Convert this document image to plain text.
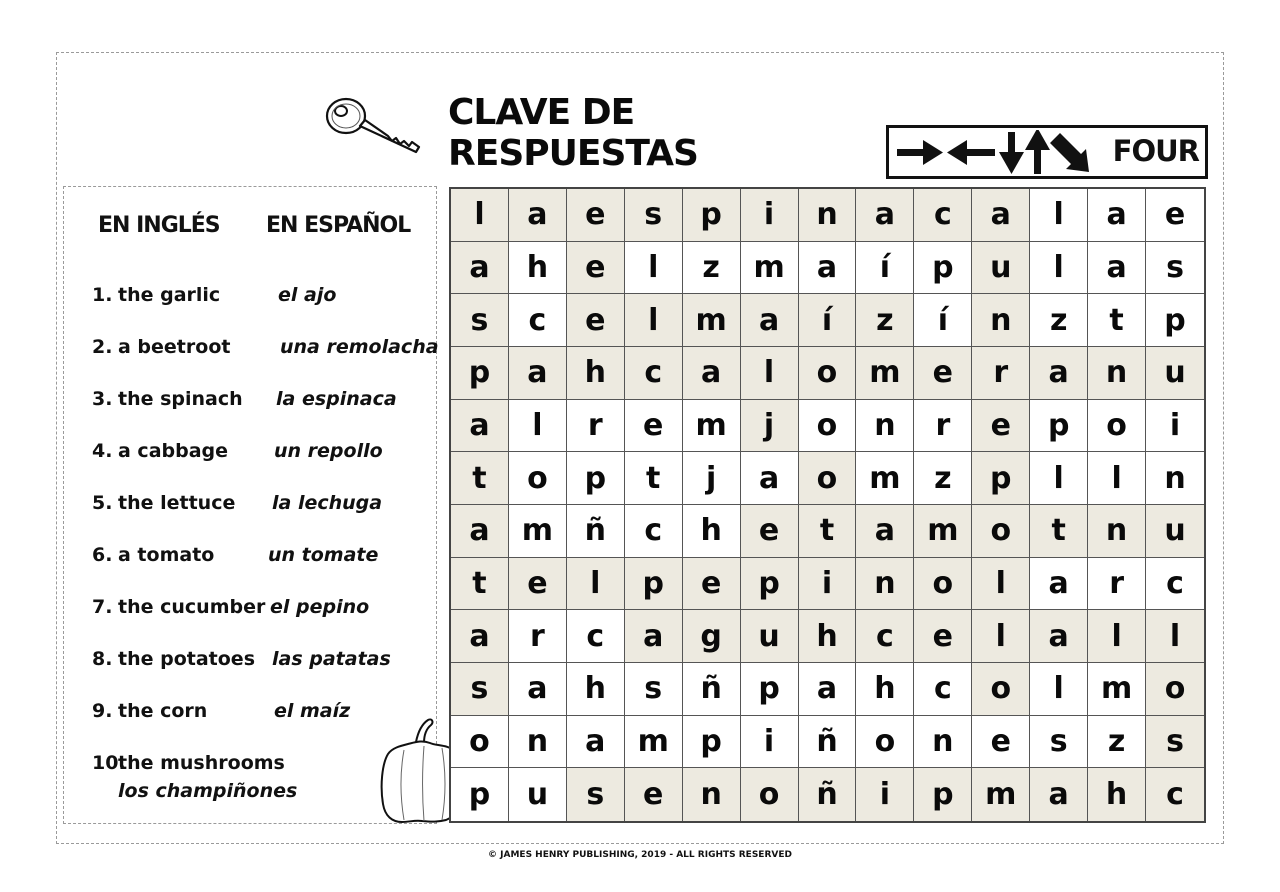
CLAVE DE RESPUESTAS	FOUR
EN INGLÉS EN ESPAÑOL
1. the garlic	el ajo
2. a beetroot	una remolacha
3. the spinach la espinaca
4. a cabbage un repollo
5. the lettuce la lechuga
6. a tomato	un tomate
7. the cucumber el pepino
8. the potatoes las patatas
9. the corn	el maíz
10.the mushrooms
los champiñones
l	a	e	s	p	i	n	a	c	a	l	a	e
a	h	e	l	z	m	a	í	p	u	l	a	s
s	c	e	l	m	a	í	z	í	n	z	t	p
p	a	h	c	a	l	o	m	e	r	a	n	u
a	l	r	e	m	j	o	n	r	e	p	o	i
t	o	p	t	j	a	o	m	z	p	l	l	n
a	m	ñ	c	h	e	t	a	m	o	t	n	u
t	e	l	p	e	p	i	n	o	l	a	r	c
a	r	c	a	g	u	h	c	e	l	a	l	l
s	a	h	s	ñ	p	a	h	c	o	l	m	o
o	n	a	m	p	i	ñ	o	n	e	s	z	s
p	u	s	e	n	o	ñ	i	p	m	a	h	c
© JAMES HENRY PUBLISHING, 2019 - ALL RIGHTS RESERVED
